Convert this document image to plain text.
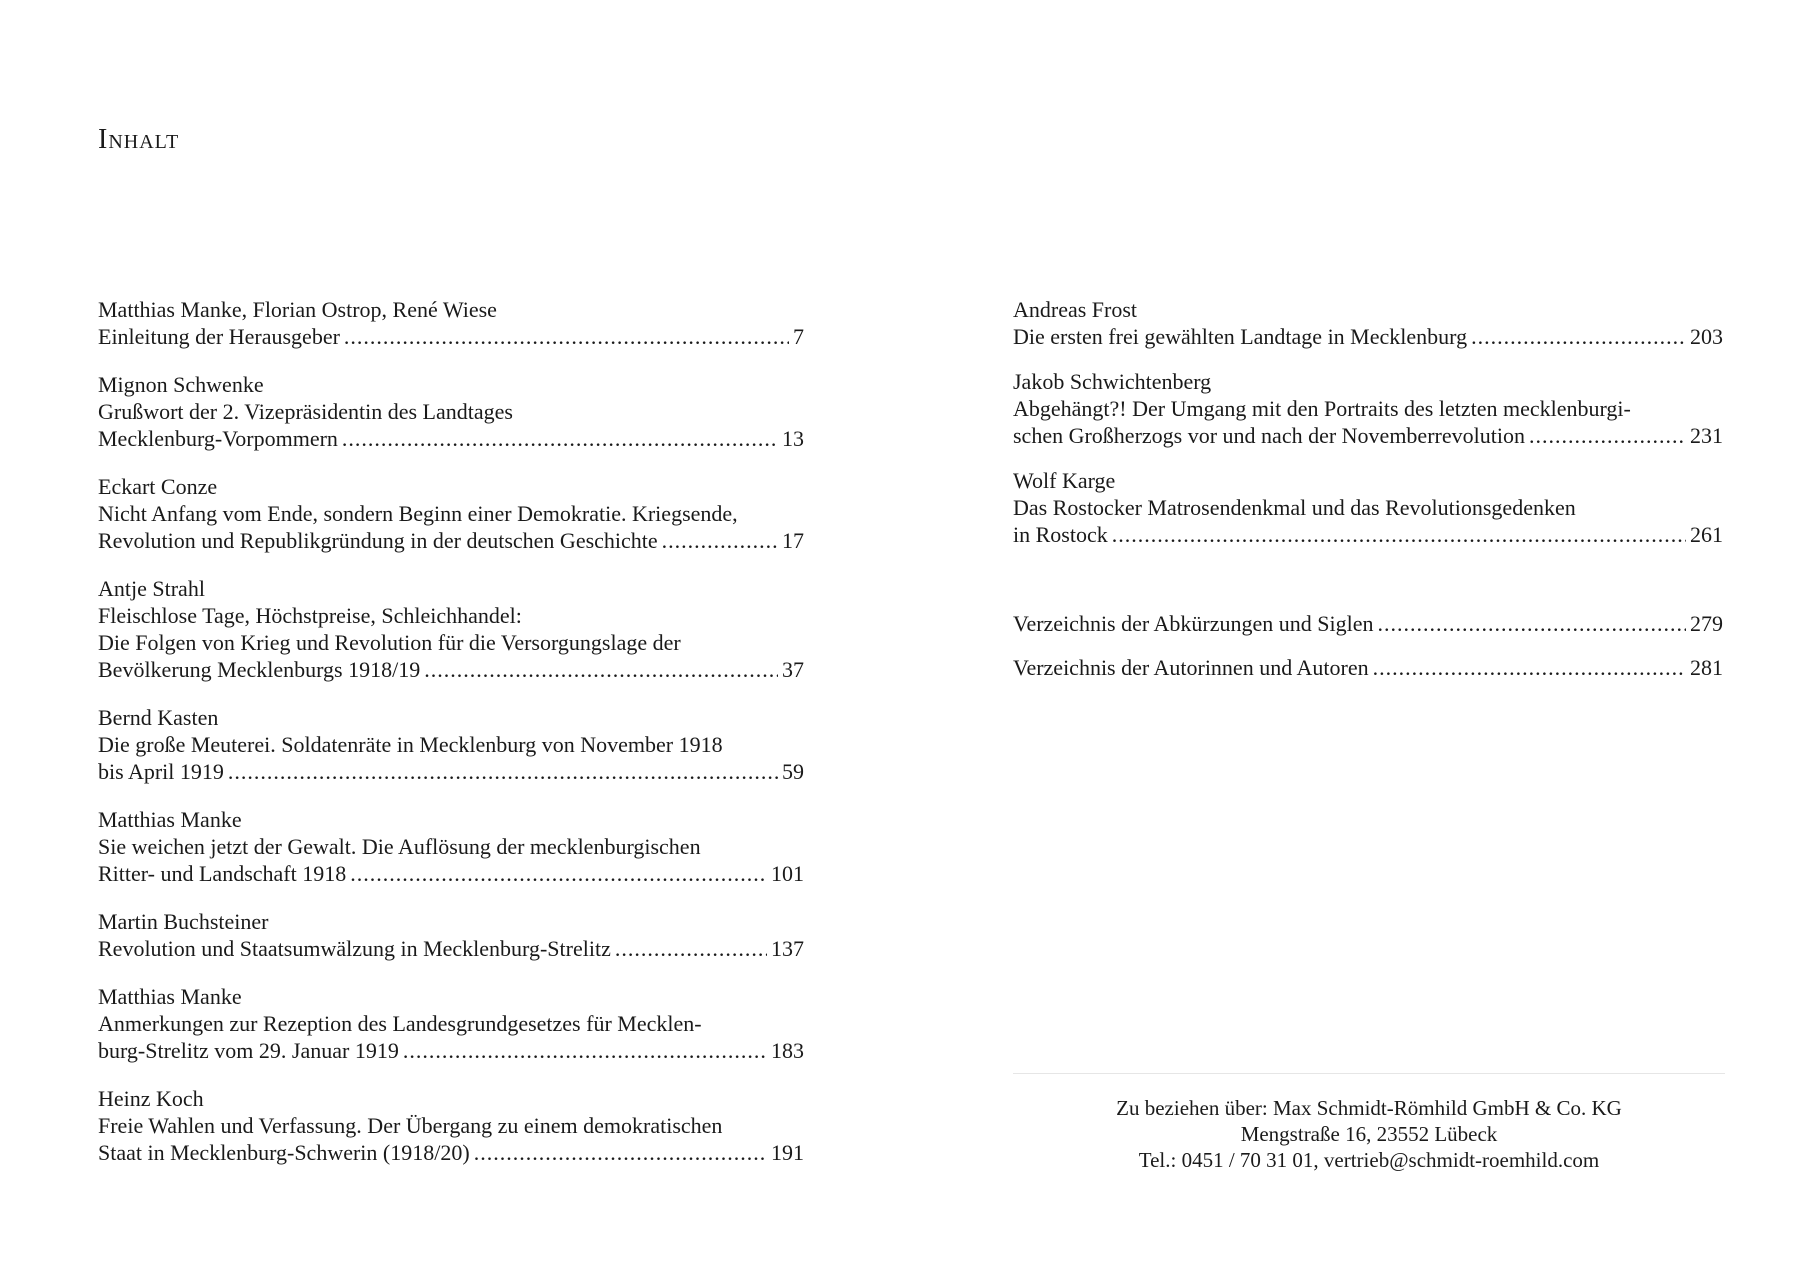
Inhalt
Matthias Manke, Florian Ostrop, René Wiese
Einleitung der Herausgeber .....	7
Mignon Schwenke
Grußwort der 2. Vizepräsidentin des Landtages
Mecklenburg-Vorpommern .....	13
Eckart Conze
Nicht Anfang vom Ende, sondern Beginn einer Demokratie. Kriegsende,
Revolution und Republikgründung in der deutschen Geschichte .....	17
Antje Strahl
Fleischlose Tage, Höchstpreise, Schleichhandel:
Die Folgen von Krieg und Revolution für die Versorgungslage der
Bevölkerung Mecklenburgs 1918/19 .....	37
Bernd Kasten
Die große Meuterei. Soldatenräte in Mecklenburg von November 1918
bis April 1919 .....	59
Matthias Manke
Sie weichen jetzt der Gewalt. Die Auflösung der mecklenburgischen
Ritter- und Landschaft 1918 .....	101
Martin Buchsteiner
Revolution und Staatsumwälzung in Mecklenburg-Strelitz .....	137
Matthias Manke
Anmerkungen zur Rezeption des Landesgrundgesetzes für Mecklen-
burg-Strelitz vom 29. Januar 1919 .....	183
Heinz Koch
Freie Wahlen und Verfassung. Der Übergang zu einem demokratischen
Staat in Mecklenburg-Schwerin (1918/20) .....	191
Andreas Frost
Die ersten frei gewählten Landtage in Mecklenburg .....	203
Jakob Schwichtenberg
Abgehängt?! Der Umgang mit den Portraits des letzten mecklenburgi-
schen Großherzogs vor und nach der Novemberrevolution .....	231
Wolf Karge
Das Rostocker Matrosendenkmal und das Revolutionsgedenken
in Rostock .....	261
Verzeichnis der Abkürzungen und Siglen .....	279
Verzeichnis der Autorinnen und Autoren .....	281
Zu beziehen über: Max Schmidt-Römhild GmbH & Co. KG
Mengstraße 16, 23552 Lübeck
Tel.: 0451 / 70 31 01, vertrieb@schmidt-roemhild.com
